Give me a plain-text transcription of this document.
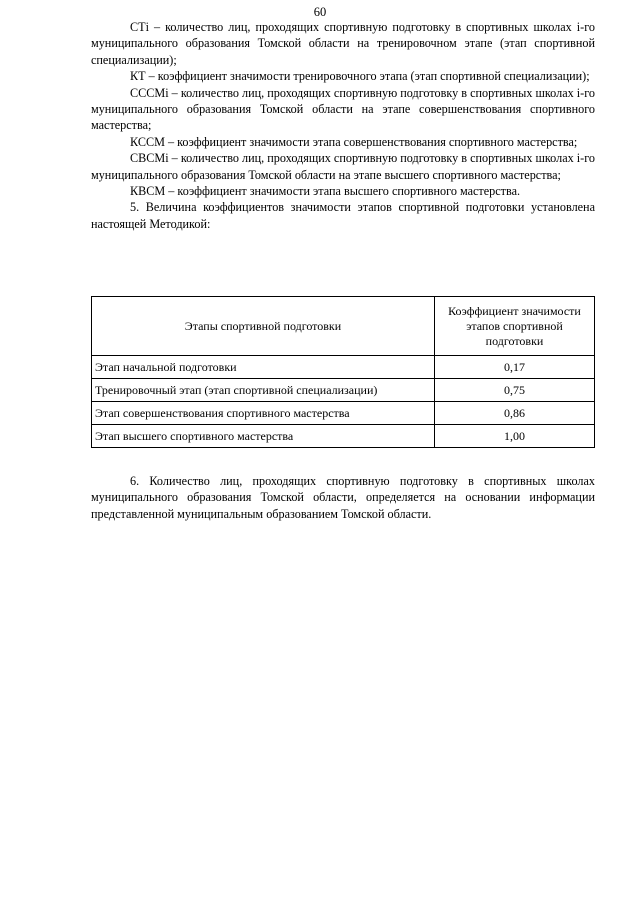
60

СТi – количество лиц, проходящих спортивную подготовку в спортивных школах i-го муниципального образования Томской области на тренировочном этапе (этап спортивной специализации);

КТ – коэффициент значимости тренировочного этапа (этап спортивной специализации);

СССМi – количество лиц, проходящих спортивную подготовку в спортивных школах i-го муниципального образования Томской области на этапе совершенствования спортивного мастерства;

КССМ – коэффициент значимости этапа совершенствования спортивного мастерства;

СВСМi – количество лиц, проходящих спортивную подготовку в спортивных школах i-го муниципального образования Томской области на этапе высшего спортивного мастерства;

КВСМ – коэффициент значимости этапа высшего спортивного мастерства.

5. Величина коэффициентов значимости этапов спортивной подготовки установлена настоящей Методикой:

Этапы спортивной подготовки	Коэффициент значимости этапов спортивной подготовки
Этап начальной подготовки	0,17
Тренировочный этап (этап спортивной специализации)	0,75
Этап совершенствования спортивного мастерства	0,86
Этап высшего спортивного мастерства	1,00

6. Количество лиц, проходящих спортивную подготовку в спортивных школах муниципального образования Томской области, определяется на основании информации представленной муниципальным образованием Томской области.
